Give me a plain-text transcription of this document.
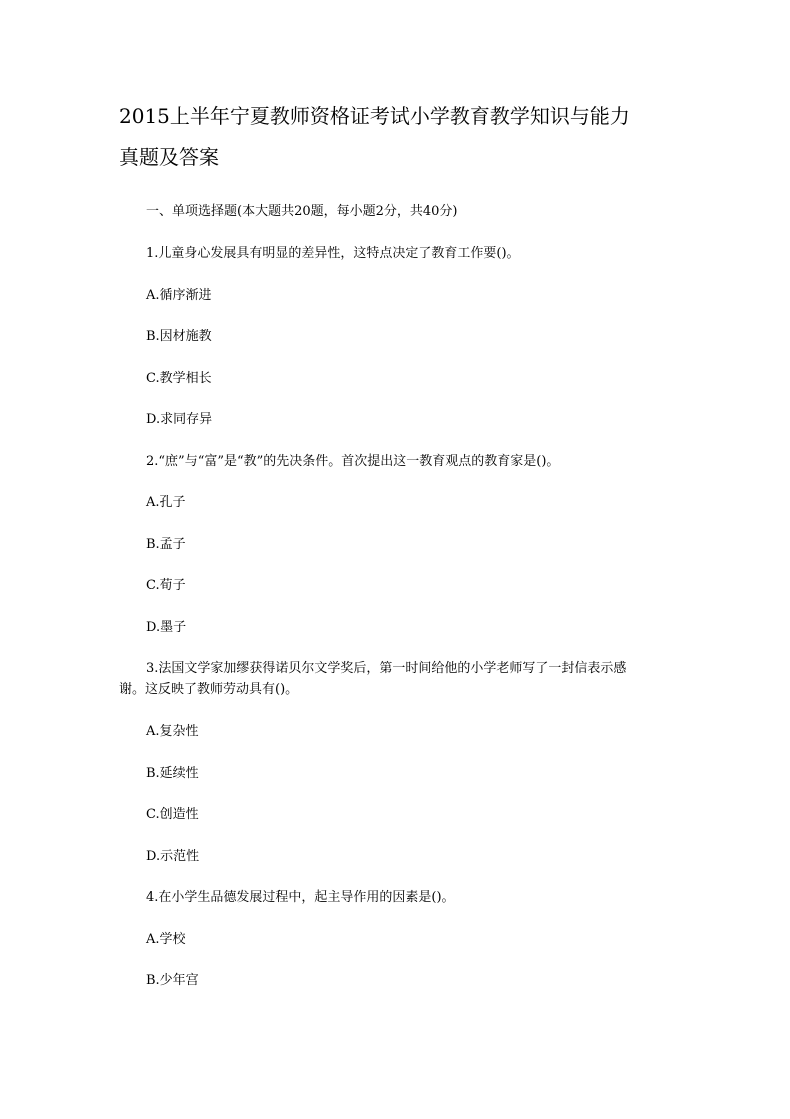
2015上半年宁夏教师资格证考试小学教育教学知识与能力
真题及答案
一、单项选择题(本大题共20题，每小题2分，共40分)
1.儿童身心发展具有明显的差异性，这特点决定了教育工作要()。
A.循序渐进
B.因材施教
C.教学相长
D.求同存异
2.“庶”与“富”是“教”的先决条件。首次提出这一教育观点的教育家是()。
A.孔子
B.孟子
C.荀子
D.墨子
3.法国文学家加缪获得诺贝尔文学奖后，第一时间给他的小学老师写了一封信表示感
谢。这反映了教师劳动具有()。
A.复杂性
B.延续性
C.创造性
D.示范性
4.在小学生品德发展过程中，起主导作用的因素是()。
A.学校
B.少年宫
